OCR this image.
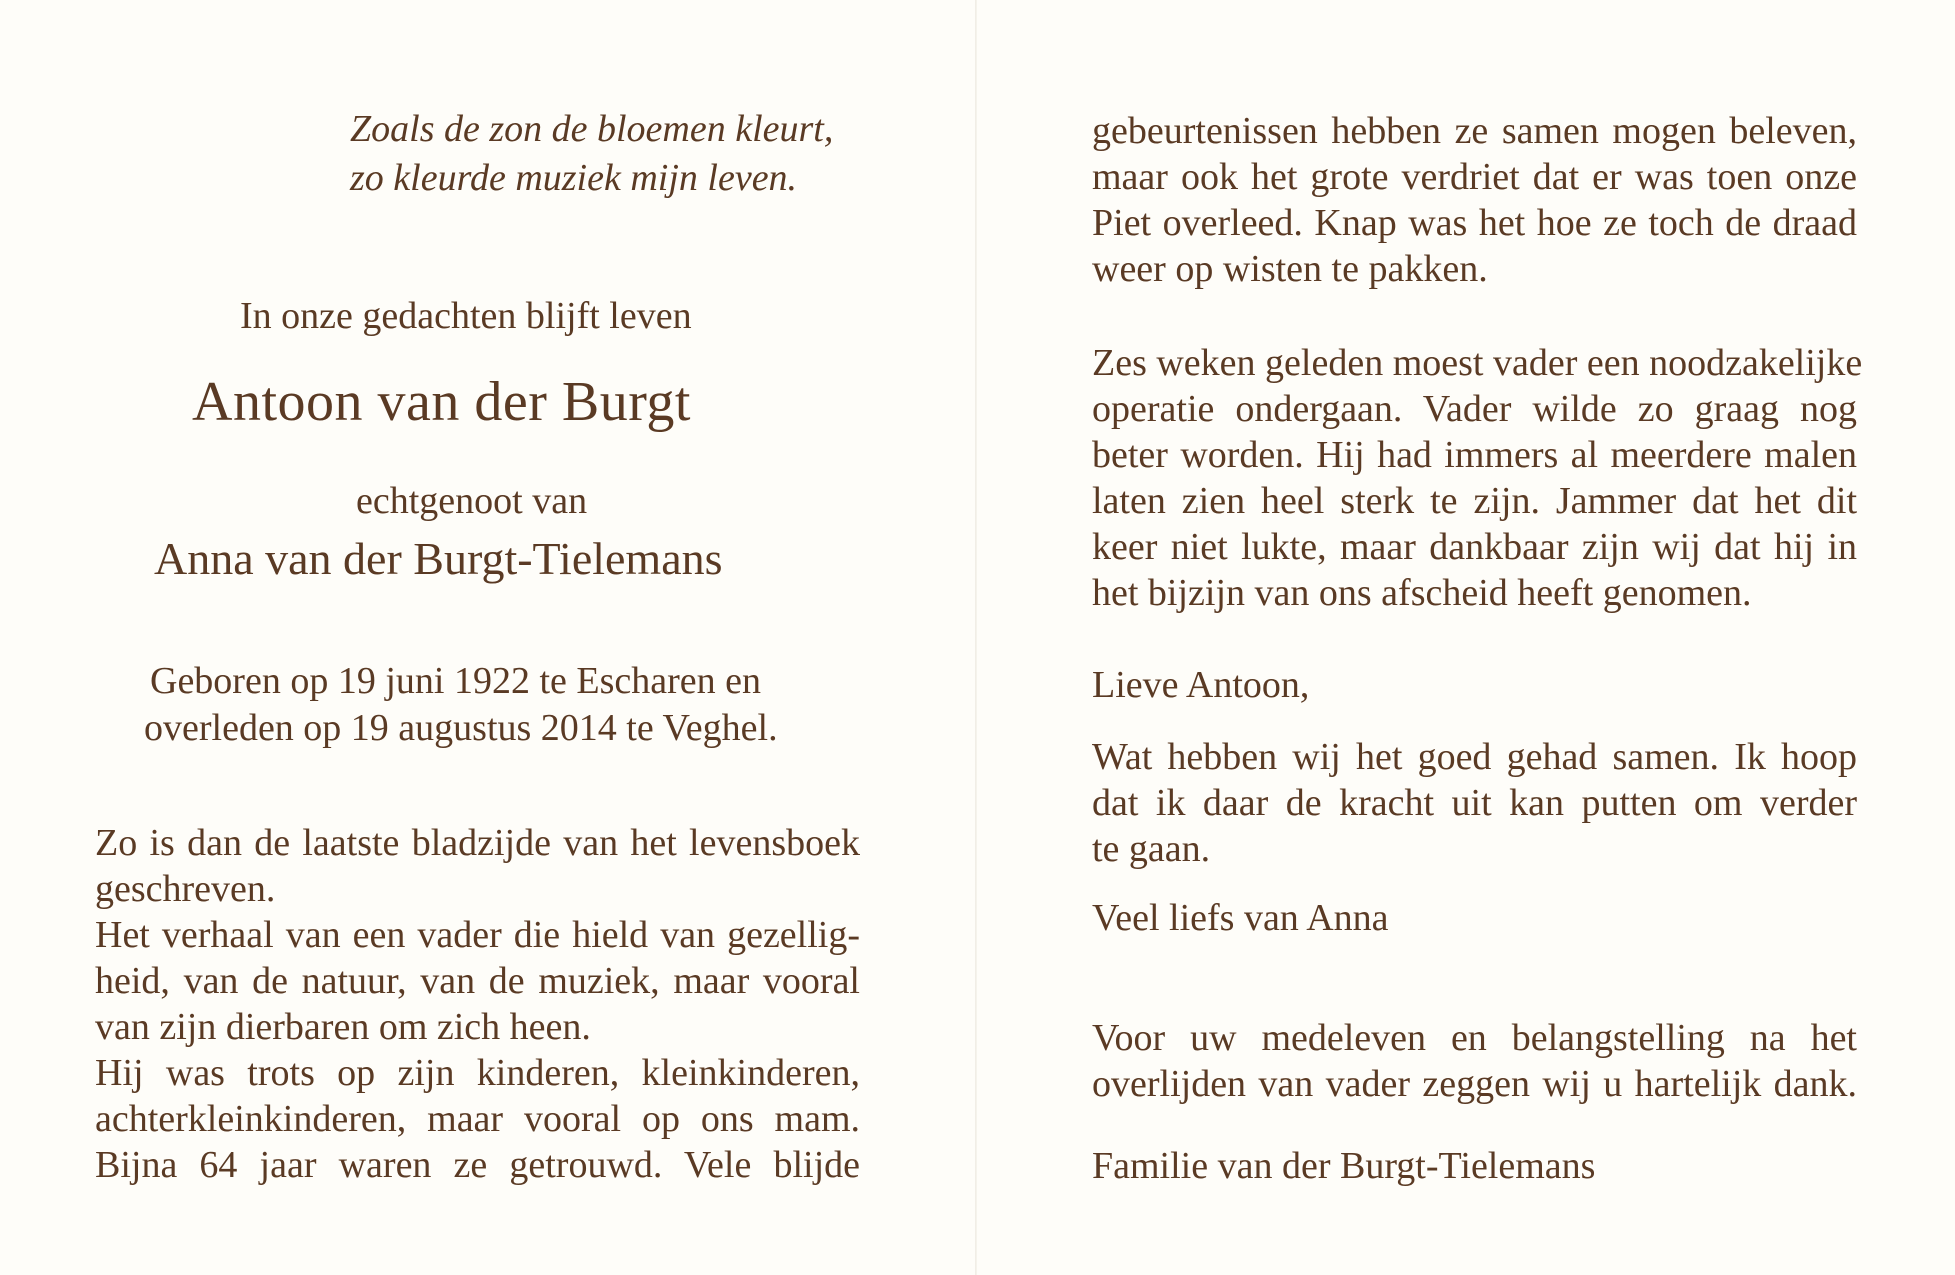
Zoals de zon de bloemen kleurt,
zo kleurde muziek mijn leven.
In onze gedachten blijft leven
Antoon van der Burgt
echtgenoot van
Anna van der Burgt-Tielemans
Geboren op 19 juni 1922 te Escharen en
overleden op 19 augustus 2014 te Veghel.
Zo is dan de laatste bladzijde van het levensboek
geschreven.
Het verhaal van een vader die hield van gezellig-
heid, van de natuur, van de muziek, maar vooral
van zijn dierbaren om zich heen.
Hij was trots op zijn kinderen, kleinkinderen,
achterkleinkinderen, maar vooral op ons mam.
Bijna 64 jaar waren ze getrouwd. Vele blijde
gebeurtenissen hebben ze samen mogen beleven,
maar ook het grote verdriet dat er was toen onze
Piet overleed. Knap was het hoe ze toch de draad
weer op wisten te pakken.
Zes weken geleden moest vader een noodzakelijke
operatie ondergaan. Vader wilde zo graag nog
beter worden. Hij had immers al meerdere malen
laten zien heel sterk te zijn. Jammer dat het dit
keer niet lukte, maar dankbaar zijn wij dat hij in
het bijzijn van ons afscheid heeft genomen.
Lieve Antoon,
Wat hebben wij het goed gehad samen. Ik hoop
dat ik daar de kracht uit kan putten om verder
te gaan.
Veel liefs van Anna
Voor uw medeleven en belangstelling na het
overlijden van vader zeggen wij u hartelijk dank.
Familie van der Burgt-Tielemans
